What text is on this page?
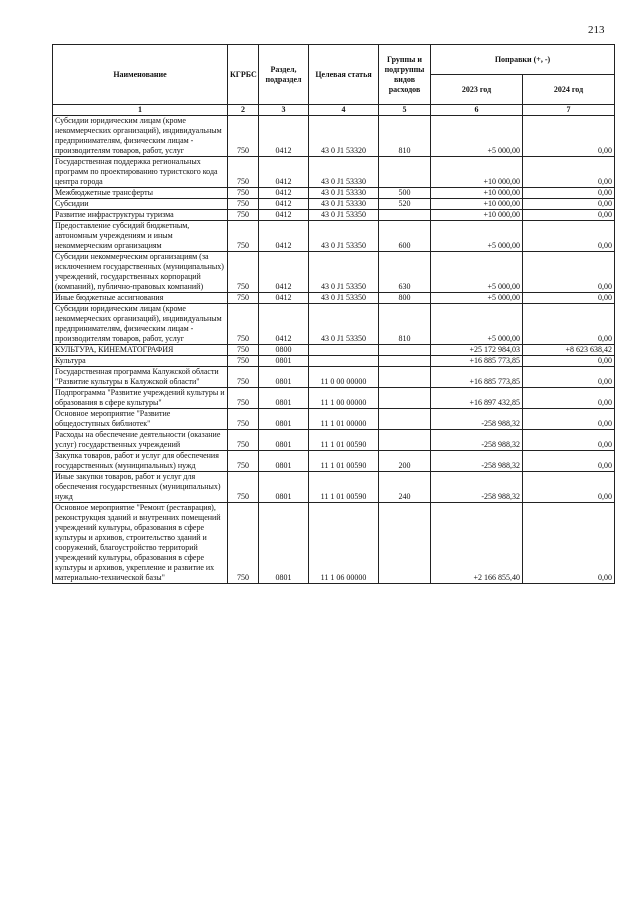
213
Наименование	КГРБС	Раздел, подраздел	Целевая статья	Группы и подгруппы видов расходов	Поправки (+, -)	
					2023 год	2024 год
1	2	3	4	5	6	7
Субсидии юридическим лицам (кроме некоммерческих организаций), индивидуальным предпринимателям, физическим лицам - производителям товаров, работ, услуг	750	0412	43 0 J1 53320	810	+5 000,00	0,00
Государственная поддержка региональных программ по проектированию туристского кода центра города	750	0412	43 0 J1 53330		+10 000,00	0,00
Межбюджетные трансферты	750	0412	43 0 J1 53330	500	+10 000,00	0,00
Субсидии	750	0412	43 0 J1 53330	520	+10 000,00	0,00
Развитие инфраструктуры туризма	750	0412	43 0 J1 53350		+10 000,00	0,00
Предоставление субсидий бюджетным, автономным учреждениям и иным некоммерческим организациям	750	0412	43 0 J1 53350	600	+5 000,00	0,00
Субсидии некоммерческим организациям (за исключением государственных (муниципальных) учреждений, государственных корпораций (компаний), публично-правовых компаний)	750	0412	43 0 J1 53350	630	+5 000,00	0,00
Иные бюджетные ассигнования	750	0412	43 0 J1 53350	800	+5 000,00	0,00
Субсидии юридическим лицам (кроме некоммерческих организаций), индивидуальным предпринимателям, физическим лицам - производителям товаров, работ, услуг	750	0412	43 0 J1 53350	810	+5 000,00	0,00
КУЛЬТУРА, КИНЕМАТОГРАФИЯ	750	0800			+25 172 984,03	+8 623 638,42
Культура	750	0801			+16 885 773,85	0,00
Государственная программа Калужской области "Развитие культуры в Калужской области"	750	0801	11 0 00 00000		+16 885 773,85	0,00
Подпрограмма "Развитие учреждений культуры и образования в сфере культуры"	750	0801	11 1 00 00000		+16 897 432,85	0,00
Основное мероприятие "Развитие общедоступных библиотек"	750	0801	11 1 01 00000		-258 988,32	0,00
Расходы на обеспечение деятельности (оказание услуг) государственных учреждений	750	0801	11 1 01 00590		-258 988,32	0,00
Закупка товаров, работ и услуг для обеспечения государственных (муниципальных) нужд	750	0801	11 1 01 00590	200	-258 988,32	0,00
Иные закупки товаров, работ и услуг для обеспечения государственных (муниципальных) нужд	750	0801	11 1 01 00590	240	-258 988,32	0,00
Основное мероприятие "Ремонт (реставрация), реконструкция зданий и внутренних помещений учреждений культуры, образования в сфере культуры и архивов, строительство зданий и сооружений, благоустройство территорий учреждений культуры, образования в сфере культуры и архивов, укрепление и развитие их материально-технической базы"	750	0801	11 1 06 00000		+2 166 855,40	0,00
